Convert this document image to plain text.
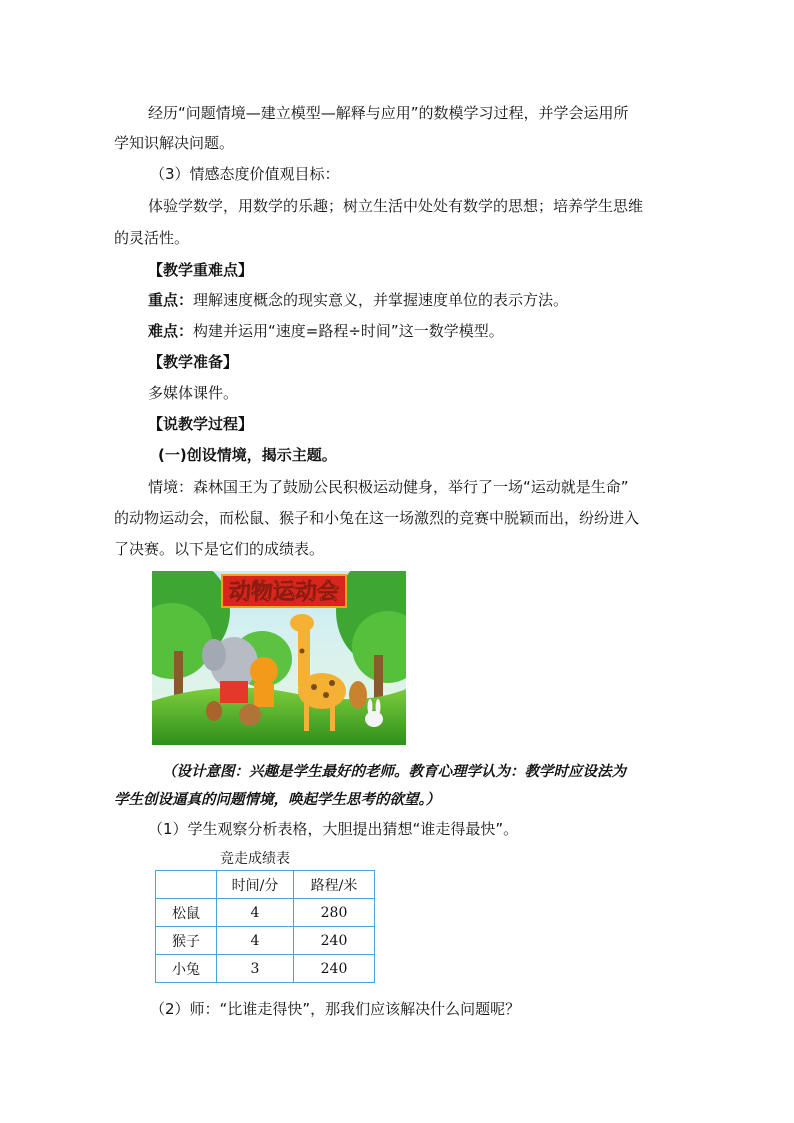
经历“问题情境—建立模型—解释与应用”的数模学习过程，并学会运用所
学知识解决问题。
（3）情感态度价值观目标：
体验学数学，用数学的乐趣；树立生活中处处有数学的思想；培养学生思维
的灵活性。
【教学重难点】
重点：理解速度概念的现实意义，并掌握速度单位的表示方法。
难点：构建并运用“速度=路程÷时间”这一数学模型。
【教学准备】
多媒体课件。
【说教学过程】
(一)创设情境，揭示主题。
情境：森林国王为了鼓励公民积极运动健身，举行了一场“运动就是生命”
的动物运动会，而松鼠、猴子和小兔在这一场激烈的竞赛中脱颖而出，纷纷进入
了决赛。以下是它们的成绩表。
动物运动会
（设计意图：兴趣是学生最好的老师。教育心理学认为：教学时应设法为
学生创设逼真的问题情境，唤起学生思考的欲望。）
（1）学生观察分析表格，大胆提出猜想“谁走得最快”。
竞走成绩表
	时间/分	路程/米
松鼠	4	280
猴子	4	240
小兔	3	240
（2）师：“比谁走得快”，那我们应该解决什么问题呢？
